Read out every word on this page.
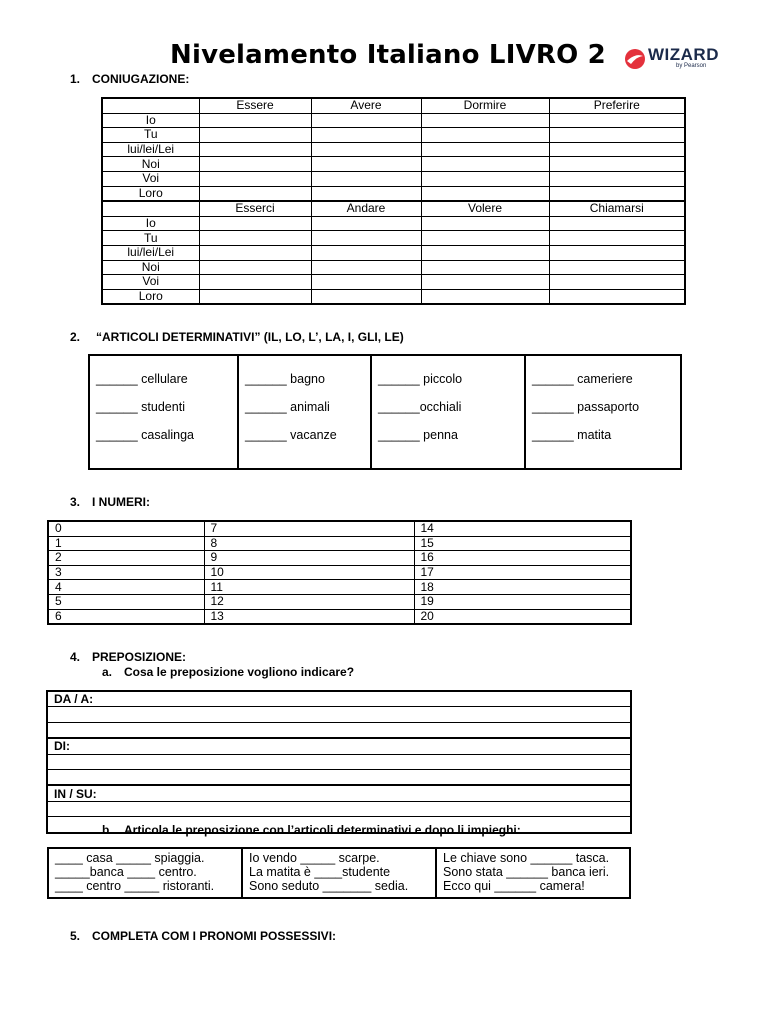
Nivelamento Italiano LIVRO 2 WIZARD
by Pearson
1. CONIUGAZIONE:
	Essere	Avere	Dormire	Preferire
Io				
Tu				
lui/lei/Lei				
Noi				
Voi				
Loro				
	Esserci	Andare	Volere	Chiamarsi
Io				
Tu				
lui/lei/Lei				
Noi				
Voi				
Loro				
2. “ARTICOLI DETERMINATIVI” (IL, LO, L’, LA, I, GLI, LE)
______ cellulare
______ studenti
______ casalinga

______ bagno
______ animali
______ vacanze

______ piccolo
______occhiali
______ penna

______ cameriere
______ passaporto
______ matita
3. I NUMERI:
0	7	14
1	8	15
2	9	16
3	10	17
4	11	18
5	12	19
6	13	20
4. PREPOSIZIONE:
a. Cosa le preposizione vogliono indicare?
DA / A:

DI:

IN / SU:

b. Articola le preposizione con l’articoli determinativi e dopo li impieghi:
____ casa _____ spiaggia.
_____banca ____ centro.
____ centro _____ ristoranti.

Io vendo _____ scarpe.
La matita è ____studente
Sono seduto _______ sedia.

Le chiave sono ______ tasca.
Sono stata ______ banca ieri.
Ecco qui ______ camera!
5. COMPLETA COM I PRONOMI POSSESSIVI:
